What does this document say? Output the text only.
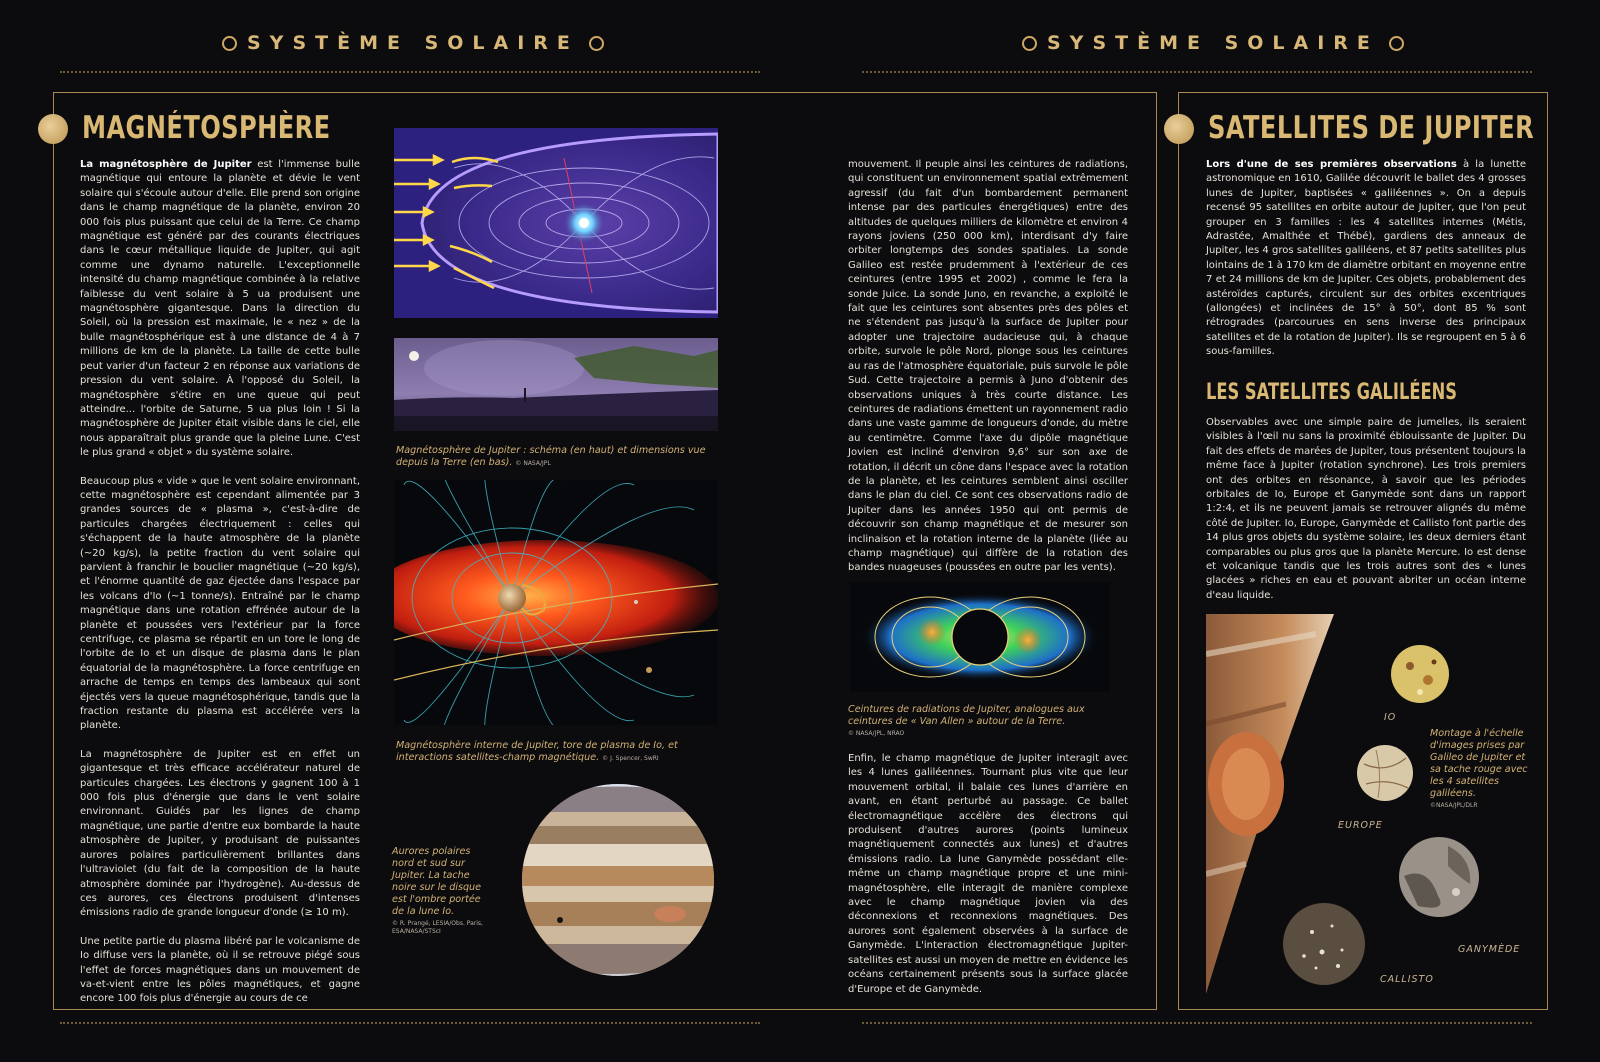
SYSTÈME SOLAIRE	SYSTÈME SOLAIRE
MAGNÉTOSPHÈRE

La magnétosphère de Jupiter est l'immense bulle magnétique qui entoure la planète et dévie le vent solaire qui s'écoule autour d'elle. Elle prend son origine dans le champ magnétique de la planète, environ 20 000 fois plus puissant que celui de la Terre. Ce champ magnétique est généré par des courants électriques dans le cœur métallique liquide de Jupiter, qui agit comme une dynamo naturelle. L'exceptionnelle intensité du champ magnétique combinée à la relative faiblesse du vent solaire à 5 ua produisent une magnétosphère gigantesque. Dans la direction du Soleil, où la pression est maximale, le « nez » de la bulle magnétosphérique est à une distance de 4 à 7 millions de km de la planète. La taille de cette bulle peut varier d'un facteur 2 en réponse aux variations de pression du vent solaire. À l'opposé du Soleil, la magnétosphère s'étire en une queue qui peut atteindre... l'orbite de Saturne, 5 ua plus loin ! Si la magnétosphère de Jupiter était visible dans le ciel, elle nous apparaîtrait plus grande que la pleine Lune. C'est le plus grand « objet » du système solaire.

Beaucoup plus « vide » que le vent solaire environnant, cette magnétosphère est cependant alimentée par 3 grandes sources de « plasma », c'est-à-dire de particules chargées électriquement : celles qui s'échappent de la haute atmosphère de la planète (~20 kg/s), la petite fraction du vent solaire qui parvient à franchir le bouclier magnétique (~20 kg/s), et l'énorme quantité de gaz éjectée dans l'espace par les volcans d'Io (~1 tonne/s). Entraîné par le champ magnétique dans une rotation effrénée autour de la planète et poussées vers l'extérieur par la force centrifuge, ce plasma se répartit en un tore le long de l'orbite de Io et un disque de plasma dans le plan équatorial de la magnétosphère. La force centrifuge en arrache de temps en temps des lambeaux qui sont éjectés vers la queue magnétosphérique, tandis que la fraction restante du plasma est accélérée vers la planète.

La magnétosphère de Jupiter est en effet un gigantesque et très efficace accélérateur naturel de particules chargées. Les électrons y gagnent 100 à 1 000 fois plus d'énergie que dans le vent solaire environnant. Guidés par les lignes de champ magnétique, une partie d'entre eux bombarde la haute atmosphère de Jupiter, y produisant de puissantes aurores polaires particulièrement brillantes dans l'ultraviolet (du fait de la composition de la haute atmosphère dominée par l'hydrogène). Au-dessus de ces aurores, ces électrons produisent d'intenses émissions radio de grande longueur d'onde (≥ 10 m).

Une petite partie du plasma libéré par le volcanisme de Io diffuse vers la planète, où il se retrouve piégé sous l'effet de forces magnétiques dans un mouvement de va-et-vient entre les pôles magnétiques, et gagne encore 100 fois plus d'énergie au cours de ce

Magnétosphère de Jupiter : schéma (en haut) et dimensions vue depuis la Terre (en bas). © NASA/JPL
Magnétosphère interne de Jupiter, tore de plasma de Io, et interactions satellites-champ magnétique. © J. Spencer, SwRI
Aurores polaires nord et sud sur Jupiter. La tache noire sur le disque est l'ombre portée de la lune Io.
© R. Prangé, LESIA/Obs. Paris, ESA/NASA/STScI

mouvement. Il peuple ainsi les ceintures de radiations, qui constituent un environnement spatial extrêmement agressif (du fait d'un bombardement permanent intense par des particules énergétiques) entre des altitudes de quelques milliers de kilomètre et environ 4 rayons joviens (250 000 km), interdisant d'y faire orbiter longtemps des sondes spatiales. La sonde Galileo est restée prudemment à l'extérieur de ces ceintures (entre 1995 et 2002) , comme le fera la sonde Juice. La sonde Juno, en revanche, a exploité le fait que les ceintures sont absentes près des pôles et ne s'étendent pas jusqu'à la surface de Jupiter pour adopter une trajectoire audacieuse qui, à chaque orbite, survole le pôle Nord, plonge sous les ceintures au ras de l'atmosphère équatoriale, puis survole le pôle Sud. Cette trajectoire a permis à Juno d'obtenir des observations uniques à très courte distance. Les ceintures de radiations émettent un rayonnement radio dans une vaste gamme de longueurs d'onde, du mètre au centimètre. Comme l'axe du dipôle magnétique Jovien est incliné d'environ 9,6° sur son axe de rotation, il décrit un cône dans l'espace avec la rotation de la planète, et les ceintures semblent ainsi osciller dans le plan du ciel. Ce sont ces observations radio de Jupiter dans les années 1950 qui ont permis de découvrir son champ magnétique et de mesurer son inclinaison et la rotation interne de la planète (liée au champ magnétique) qui diffère de la rotation des bandes nuageuses (poussées en outre par les vents).

Ceintures de radiations de Jupiter, analogues aux ceintures de « Van Allen » autour de la Terre.
© NASA/JPL, NRAO

Enfin, le champ magnétique de Jupiter interagit avec les 4 lunes galiléennes. Tournant plus vite que leur mouvement orbital, il balaie ces lunes d'arrière en avant, en étant perturbé au passage. Ce ballet électromagnétique accélère des électrons qui produisent d'autres aurores (points lumineux magnétiquement connectés aux lunes) et d'autres émissions radio. La lune Ganymède possédant elle-même un champ magnétique propre et une mini-magnétosphère, elle interagit de manière complexe avec le champ magnétique jovien via des déconnexions et reconnexions magnétiques. Des aurores sont également observées à la surface de Ganymède. L'interaction électromagnétique Jupiter-satellites est aussi un moyen de mettre en évidence les océans certainement présents sous la surface glacée d'Europe et de Ganymède.

SATELLITES DE JUPITER

Lors d'une de ses premières observations à la lunette astronomique en 1610, Galilée découvrit le ballet des 4 grosses lunes de Jupiter, baptisées « galiléennes ». On a depuis recensé 95 satellites en orbite autour de Jupiter, que l'on peut grouper en 3 familles : les 4 satellites internes (Métis, Adrastée, Amalthée et Thébé), gardiens des anneaux de Jupiter, les 4 gros satellites galiléens, et 87 petits satellites plus lointains de 1 à 170 km de diamètre orbitant en moyenne entre 7 et 24 millions de km de Jupiter. Ces objets, probablement des astéroïdes capturés, circulent sur des orbites excentriques (allongées) et inclinées de 15° à 50°, dont 85 % sont rétrogrades (parcourues en sens inverse des principaux satellites et de la rotation de Jupiter). Ils se regroupent en 5 à 6 sous-familles.

LES SATELLITES GALILÉENS

Observables avec une simple paire de jumelles, ils seraient visibles à l'œil nu sans la proximité éblouissante de Jupiter. Du fait des effets de marées de Jupiter, tous présentent toujours la même face à Jupiter (rotation synchrone). Les trois premiers ont des orbites en résonance, à savoir que les périodes orbitales de Io, Europe et Ganymède sont dans un rapport 1:2:4, et ils ne peuvent jamais se retrouver alignés du même côté de Jupiter. Io, Europe, Ganymède et Callisto font partie des 14 plus gros objets du système solaire, les deux derniers étant comparables ou plus gros que la planète Mercure. Io est dense et volcanique tandis que les trois autres sont des « lunes glacées » riches en eau et pouvant abriter un océan interne d'eau liquide.

IO
EUROPE
GANYMÈDE
CALLISTO
Montage à l'échelle d'images prises par Galileo de Jupiter et sa tache rouge avec les 4 satellites galiléens.
©NASA/JPL/DLR
